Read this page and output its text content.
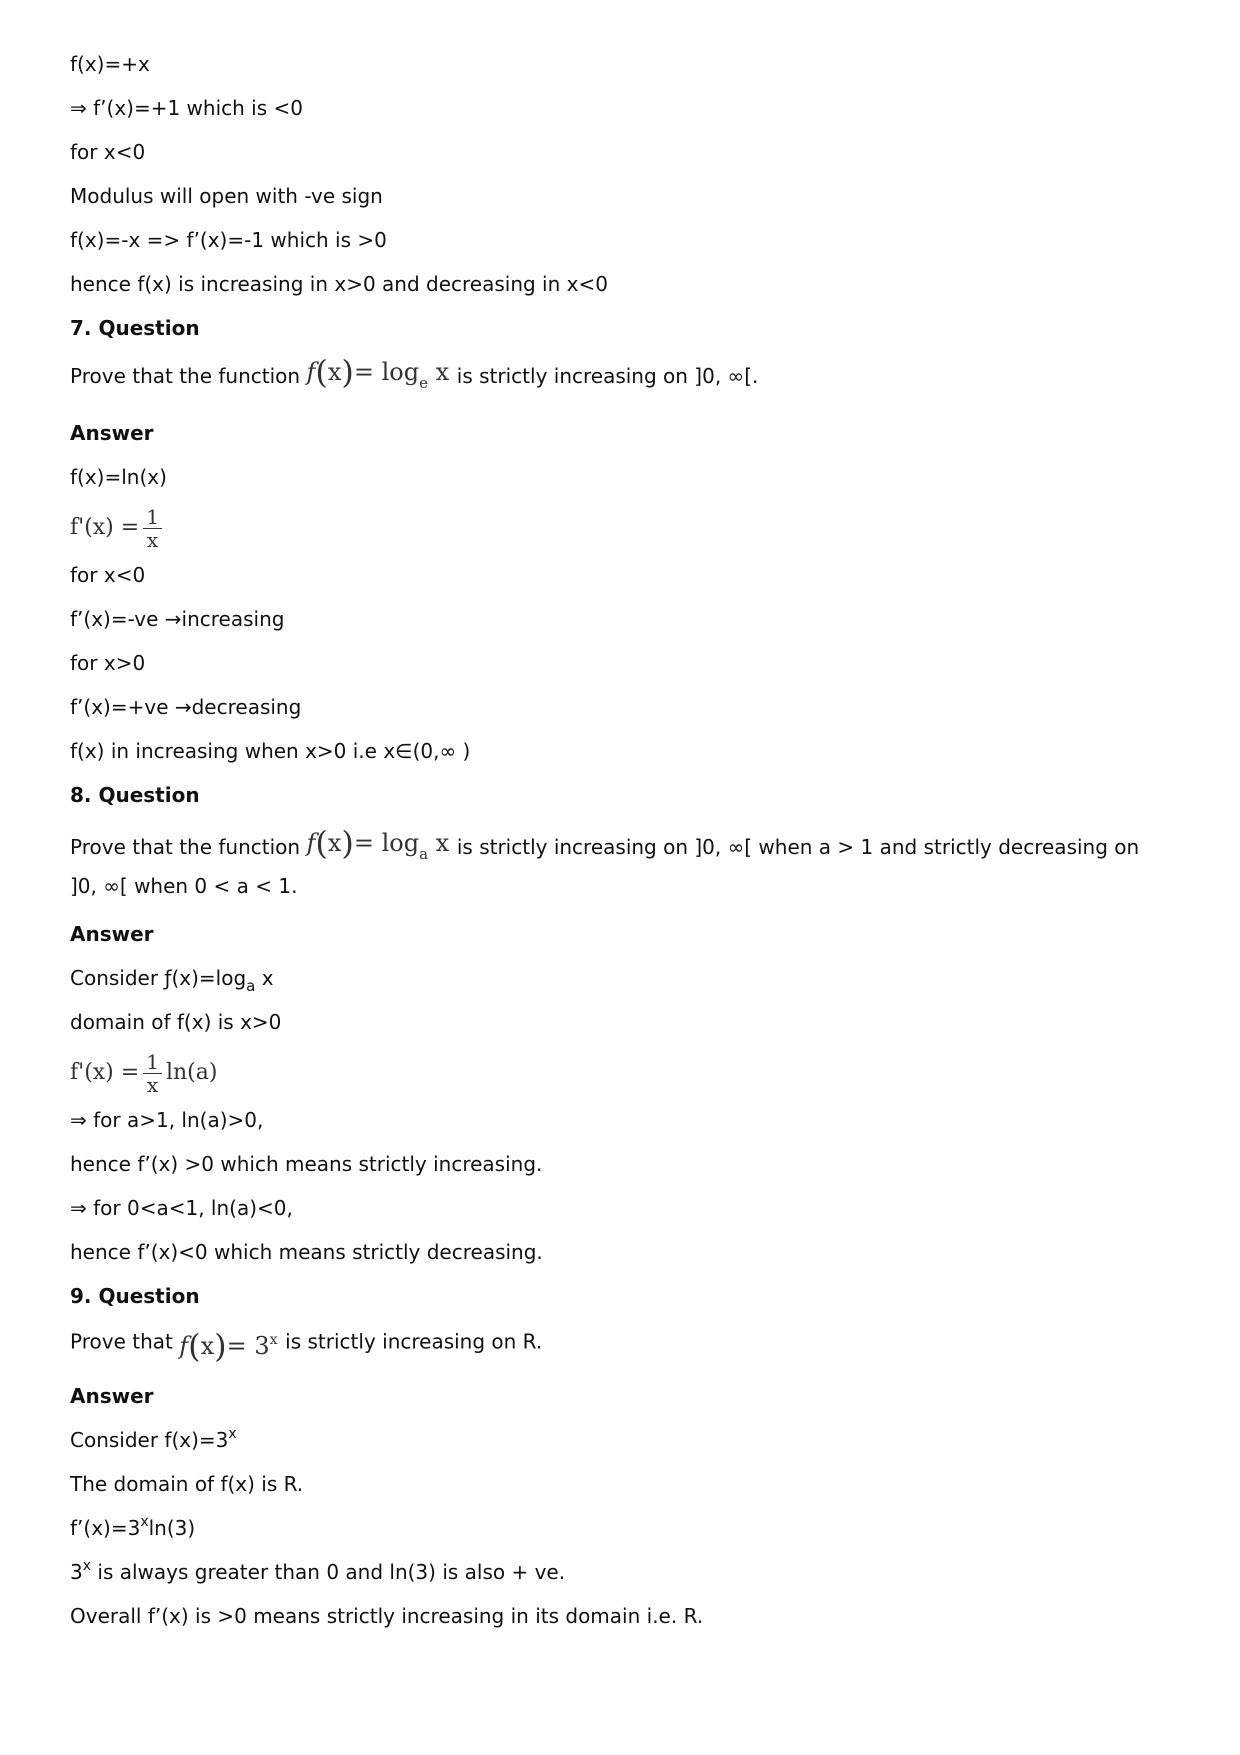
f(x)=+x
⇒ f’(x)=+1 which is <0
for x<0
Modulus will open with -ve sign
f(x)=-x => f’(x)=-1 which is >0
hence f(x) is increasing in x>0 and decreasing in x<0
7. Question
Prove that the function $f(x)= \log_e x$ is strictly increasing on ]0, ∞[.
Answer
f(x)=ln(x)
$f'(x) = \frac{1}{x}$
for x<0
f’(x)=-ve →increasing
for x>0
f’(x)=+ve →decreasing
f(x) in increasing when x>0 i.e x∈(0,∞ )
8. Question
Prove that the function $f(x)= \log_a x$ is strictly increasing on ]0, ∞[ when a > 1 and strictly decreasing on
]0, ∞[ when 0 < a < 1.
Answer
Consider $ƒ(x)=\log_a$ x
domain of f(x) is x>0
$f'(x) = \frac{1}{x} \ln(a)$
⇒ for a>1, ln(a)>0,
hence f’(x) >0 which means strictly increasing.
⇒ for 0<a<1, ln(a)<0,
hence f’(x)<0 which means strictly decreasing.
9. Question
Prove that $f(x)= 3^x$ is strictly increasing on R.
Answer
Consider $f(x)=3^x$
The domain of f(x) is R.
$f’(x)=3^x\ln(3)$
3$^x$ is always greater than 0 and ln(3) is also + ve.
Overall f’(x) is >0 means strictly increasing in its domain i.e. R.
